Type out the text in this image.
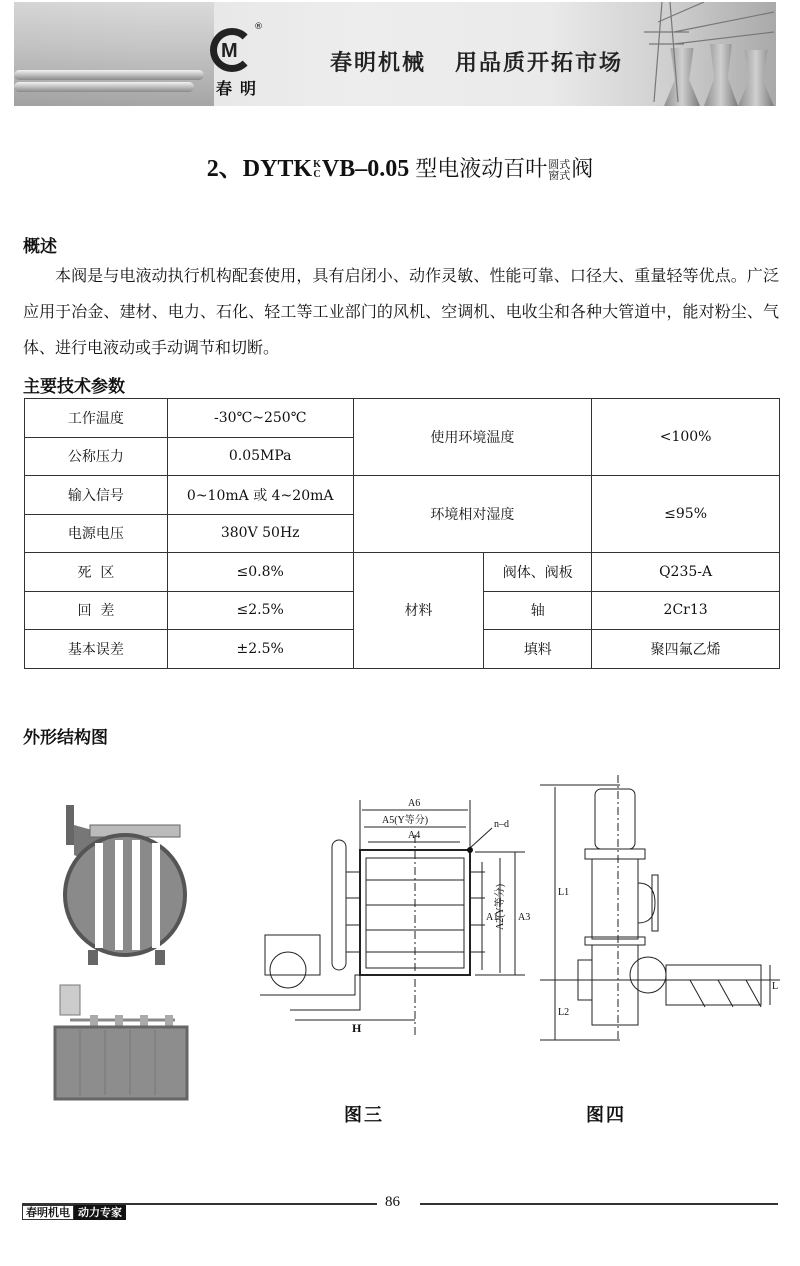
M
®
春明
春明机械   用品质开拓市场
2、DYTK K
C VB–0.05 型电液动百叶 圆式
窗式 阀
概述
本阀是与电液动执行机构配套使用，具有启闭小、动作灵敏、性能可靠、口径大、重量轻等优点。广泛应用于冶金、建材、电力、石化、轻工等工业部门的风机、空调机、电收尘和各种大管道中，能对粉尘、气体、进行电液动或手动调节和切断。
主要技术参数
工作温度	-30℃~250℃	使用环境温度		<100%
公称压力	0.05MPa			
输入信号	0~10mA 或 4~20mA	环境相对湿度		≤95%
电源电压	380V 50Hz			
死  区	≤0.8%	材料	阀体、阀板	Q235-A
回  差	≤2.5%		轴	2Cr13
基本误差	±2.5%		填料	聚四氟乙烯
外形结构图
A6
A5(Y等分)
A4
n–d
A1
A2(Y等分) A3
H
L1
L2
L
图三	图四
86
春明机电 动力专家
